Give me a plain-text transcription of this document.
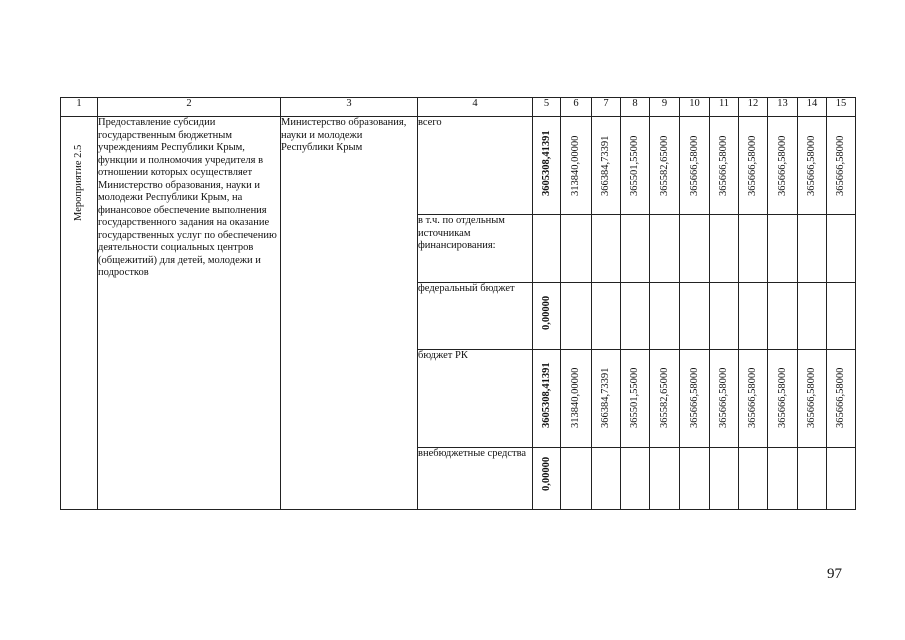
1	2	3	4	5	6	7	8	9	10	11	12	13	14	15

Мероприятие 2.5	Предоставление субсидии государственным бюджетным учреждениям Республики Крым, функции и полномочия учредителя в отношении которых осуществляет Министерство образования, науки и молодежи Республики Крым, на финансовое обеспечение выполнения государственного задания на оказание государственных услуг по обеспечению деятельности социальных центров (общежитий) для детей, молодежи и подростков	Министерство образования, науки и молодежи Республики Крым	всего	3605308,41391	313840,00000	366384,73391	365501,55000	365582,65000	365666,58000	365666,58000	365666,58000	365666,58000	365666,58000	365666,58000

			в т.ч. по отдельным источникам финансирования:											
			федеральный бюджет	0,00000										

			бюджет РК	3605308,41391	313840,00000	366384,73391	365501,55000	365582,65000	365666,58000	365666,58000	365666,58000	365666,58000	365666,58000	365666,58000

			внебюджетные средства	0,00000										

97
